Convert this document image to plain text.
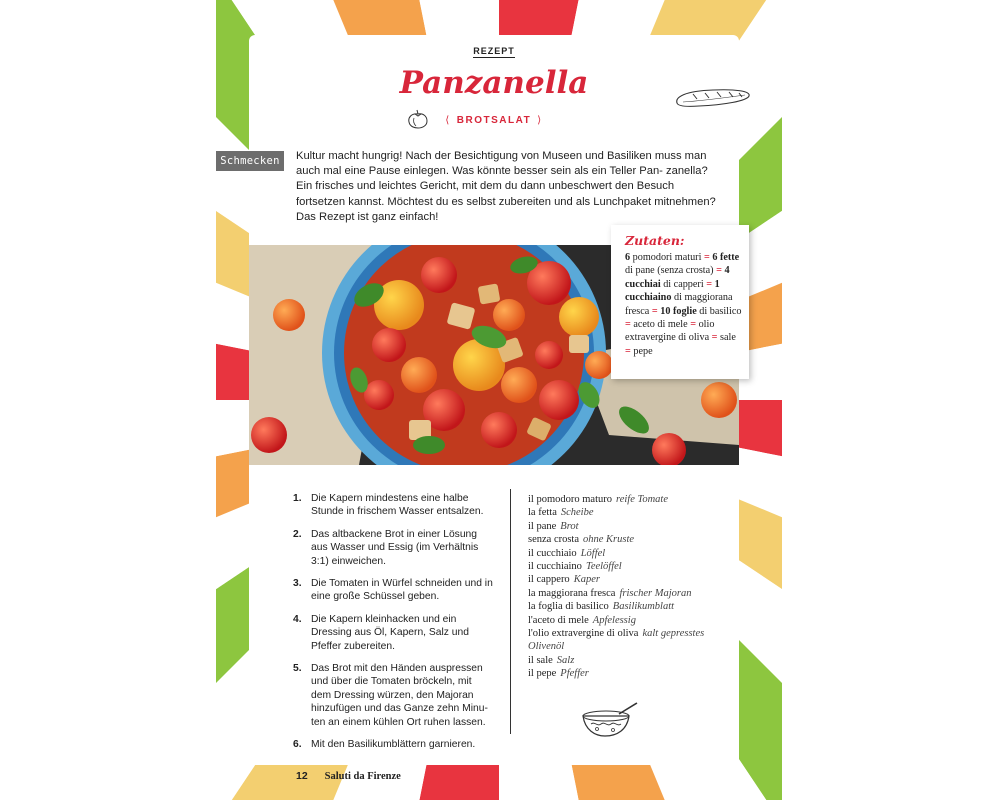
REZEPT
Panzanella
⟨ BROTSALAT ⟩
Schmecken	Kultur macht hungrig! Nach der Besichtigung von Museen und Basiliken muss man auch mal eine Pause einlegen. Was könnte besser sein als ein Teller Pan- zanella? Ein frisches und leichtes Gericht, mit dem du dann unbeschwert den Besuch fortsetzen kannst. Möchtest du es selbst zubereiten und als Lunchpaket mitnehmen? Das Rezept ist ganz einfach!
Zutaten:
6 pomodori maturi = 6 fette di pane (senza crosta) = 4 cucchiai di capperi = 1 cucchiaino di maggiorana fresca = 10 foglie di basilico = aceto di mele = olio extravergine di oliva = sale = pepe
1. Die Kapern mindestens eine halbe Stunde in frischem Wasser entsalzen.
2. Das altbackene Brot in einer Lösung aus Wasser und Essig (im Verhältnis 3:1) einweichen.
3. Die Tomaten in Würfel schneiden und in eine große Schüssel geben.
4. Die Kapern kleinhacken und ein Dressing aus Öl, Kapern, Salz und Pfeffer zubereiten.
5. Das Brot mit den Händen auspressen und über die Tomaten bröckeln, mit dem Dressing würzen, den Majoran hinzufügen und das Ganze zehn Minu- ten an einem kühlen Ort ruhen lassen.
6. Mit den Basilikumblättern garnieren.
il pomodoro maturo reife Tomate
la fetta Scheibe
il pane Brot
senza crosta ohne Kruste
il cucchiaio Löffel
il cucchiaino Teelöffel
il cappero Kaper
la maggiorana fresca frischer Majoran
la foglia di basilico Basilikumblatt
l'aceto di mele Apfelessig
l'olio extravergine di oliva kalt gepresstes Olivenöl
il sale Salz
il pepe Pfeffer
12 Saluti da Firenze
